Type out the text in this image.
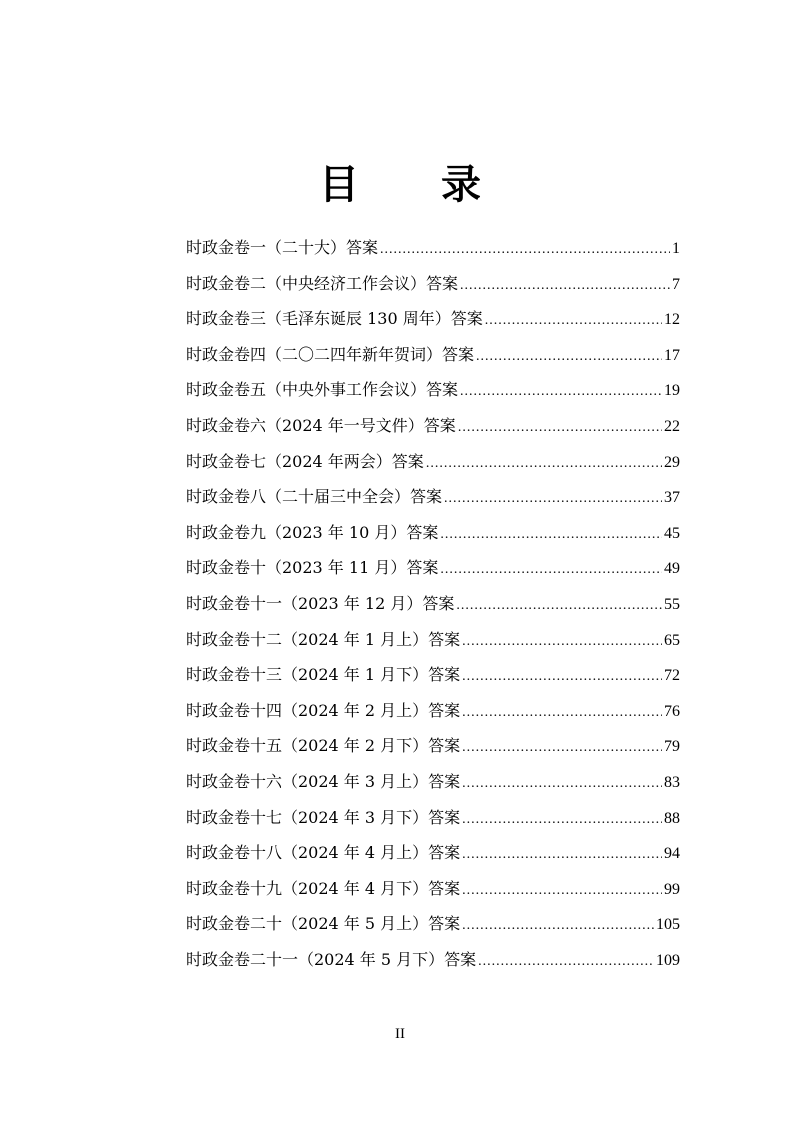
目 录
时政金卷一（二十大）答案 .....	1
时政金卷二（中央经济工作会议）答案 .....	7
时政金卷三（毛泽东诞辰 130 周年）答案 .....	12
时政金卷四（二〇二四年新年贺词）答案 .....	17
时政金卷五（中央外事工作会议）答案 .....	19
时政金卷六（2024 年一号文件）答案 .....	22
时政金卷七（2024 年两会）答案 .....	29
时政金卷八（二十届三中全会）答案 .....	37
时政金卷九（2023 年 10 月）答案 .....	45
时政金卷十（2023 年 11 月）答案 .....	49
时政金卷十一（2023 年 12 月）答案 .....	55
时政金卷十二（2024 年 1 月上）答案 .....	65
时政金卷十三（2024 年 1 月下）答案 .....	72
时政金卷十四（2024 年 2 月上）答案 .....	76
时政金卷十五（2024 年 2 月下）答案 .....	79
时政金卷十六（2024 年 3 月上）答案 .....	83
时政金卷十七（2024 年 3 月下）答案 .....	88
时政金卷十八（2024 年 4 月上）答案 .....	94
时政金卷十九（2024 年 4 月下）答案 .....	99
时政金卷二十（2024 年 5 月上）答案 .....	105
时政金卷二十一（2024 年 5 月下）答案 .....	109
II
